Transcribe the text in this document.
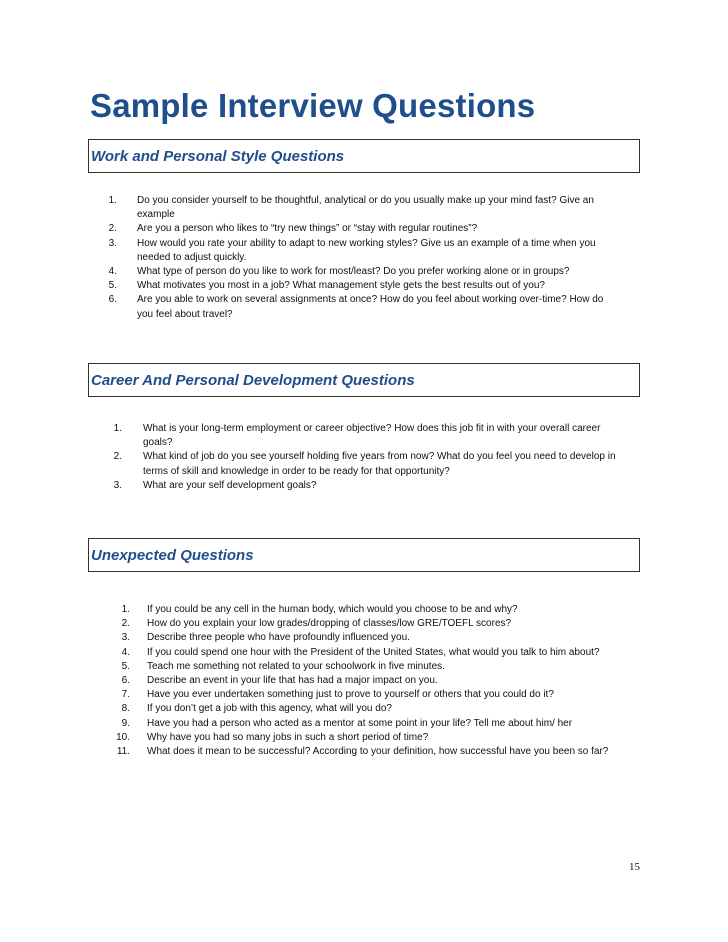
Sample Interview Questions
Work and Personal Style Questions
1. Do you consider yourself to be thoughtful, analytical or do you usually make up your mind fast? Give an example
2. Are you a person who likes to “try new things” or “stay with regular routines”?
3. How would you rate your ability to adapt to new working styles? Give us an example of a time when you needed to adjust quickly.
4. What type of person do you like to work for most/least? Do you prefer working alone or in groups?
5. What motivates you most in a job? What management style gets the best results out of you?
6. Are you able to work on several assignments at once? How do you feel about working over-time? How do you feel about travel?
Career And Personal Development Questions
1. What is your long-term employment or career objective? How does this job fit in with your overall career goals?
2. What kind of job do you see yourself holding five years from now? What do you feel you need to develop in terms of skill and knowledge in order to be ready for that opportunity?
3. What are your self development goals?
Unexpected Questions
1. If you could be any cell in the human body, which would you choose to be and why?
2. How do you explain your low grades/dropping of classes/low GRE/TOEFL scores?
3. Describe three people who have profoundly influenced you.
4. If you could spend one hour with the President of the United States, what would you talk to him about?
5. Teach me something not related to your schoolwork in five minutes.
6. Describe an event in your life that has had a major impact on you.
7. Have you ever undertaken something just to prove to yourself or others that you could do it?
8. If you don’t get a job with this agency, what will you do?
9. Have you had a person who acted as a mentor at some point in your life? Tell me about him/ her
10. Why have you had so many jobs in such a short period of time?
11. What does it mean to be successful? According to your definition, how successful have you been so far?
15
